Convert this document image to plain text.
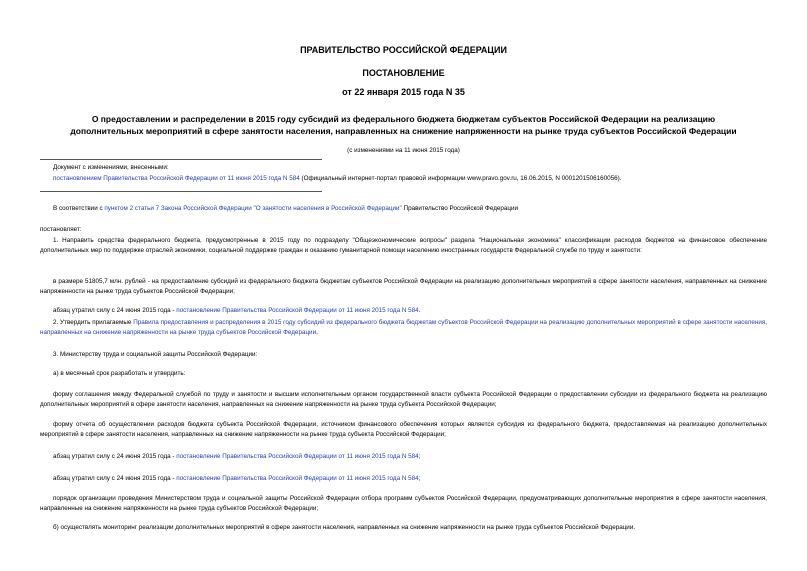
ПРАВИТЕЛЬСТВО РОССИЙСКОЙ ФЕДЕРАЦИИ
ПОСТАНОВЛЕНИЕ
от 22 января 2015 года N 35
О предоставлении и распределении в 2015 году субсидий из федерального бюджета бюджетам субъектов Российской Федерации на реализацию
дополнительных мероприятий в сфере занятости населения, направленных на снижение напряженности на рынке труда субъектов Российской Федерации
(с изменениями на 11 июня 2015 года)
Документ с изменениями, внесенными:
постановлением Правительства Российской Федерации от 11 июня 2015 года N 584 (Официальный интернет-портал правовой информации www.pravo.gov.ru, 16.06.2015, N 0001201506160056).
В соответствии с пунктом 2 статьи 7 Закона Российской Федерации "О занятости населения в Российской Федерации" Правительство Российской Федерации
постановляет:
1. Направить средства федерального бюджета, предусмотренные в 2015 году по подразделу "Общеэкономические вопросы" раздела "Национальная экономика" классификации расходов бюджетов на финансовое обеспечение дополнительных мер по поддержке отраслей экономики, социальной поддержке граждан и оказанию гуманитарной помощи населению иностранных государств Федеральной службе по труду и занятости:
в размере 51805,7 млн. рублей - на предоставление субсидий из федерального бюджета бюджетам субъектов Российской Федерации на реализацию дополнительных мероприятий в сфере занятости населения, направленных на снижение напряженности на рынке труда субъектов Российской Федерации;
абзац утратил силу с 24 июня 2015 года - постановление Правительства Российской Федерации от 11 июня 2015 года N 584.
2. Утвердить прилагаемые Правила предоставления и распределения в 2015 году субсидий из федерального бюджета бюджетам субъектов Российской Федерации на реализацию дополнительных мероприятий в сфере занятости населения, направленных на снижение напряженности на рынке труда субъектов Российской Федерации.
3. Министерству труда и социальной защиты Российской Федерации:
а) в месячный срок разработать и утвердить:
форму соглашения между Федеральной службой по труду и занятости и высшим исполнительным органом государственной власти субъекта Российской Федерации о предоставлении субсидии из федерального бюджета на реализацию дополнительных мероприятий в сфере занятости населения, направленных на снижение напряженности на рынке труда субъекта Российской Федерации;
форму отчета об осуществлении расходов бюджета субъекта Российской Федерации, источником финансового обеспечения которых является субсидия из федерального бюджета, предоставляемая на реализацию дополнительных мероприятий в сфере занятости населения, направленных на снижение напряженности на рынке труда субъекта Российской Федерации;
абзац утратил силу с 24 июня 2015 года - постановление Правительства Российской Федерации от 11 июня 2015 года N 584;
абзац утратил силу с 24 июня 2015 года - постановление Правительства Российской Федерации от 11 июня 2015 года N 584;
порядок организации проведения Министерством труда и социальной защиты Российской Федерации отбора программ субъектов Российской Федерации, предусматривающих дополнительные мероприятия в сфере занятости населения, направленные на снижение напряженности на рынке труда субъектов Российской Федерации;
б) осуществлять мониторинг реализации дополнительных мероприятий в сфере занятости населения, направленных на снижение напряженности на рынке труда субъектов Российской Федерации.
